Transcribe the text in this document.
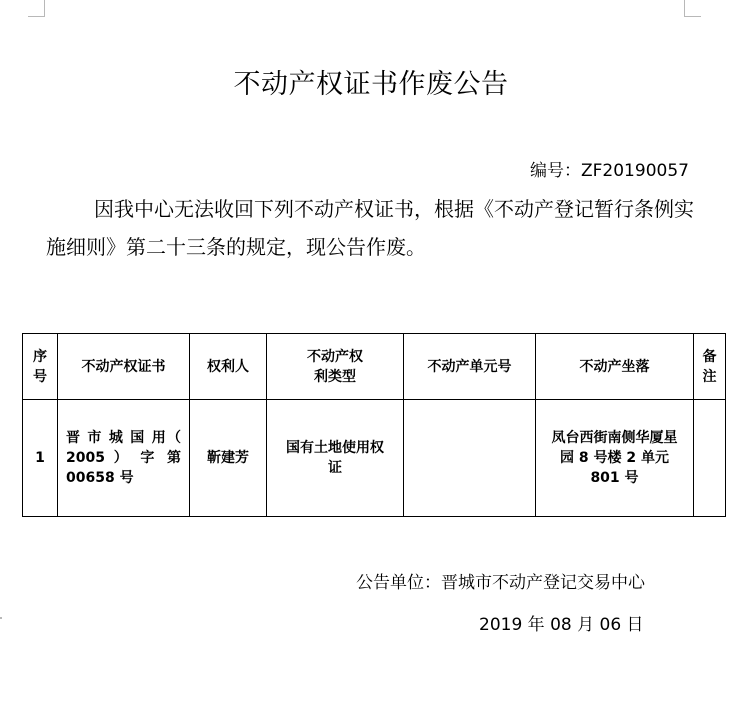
不动产权证书作废公告
编号：ZF20190057
因我中心无法收回下列不动产权证书，根据《不动产登记暂行条例实施细则》第二十三条的规定，现公告作废。
序号	不动产权证书	权利人	不动产权利类型	不动产单元号	不动产坐落	备注
1	晋 市 城 国 用（ 2005 ） 字 第 00658 号	靳建芳	国有土地使用权证		凤台西街南侧华厦星园 8 号楼 2 单元 801 号	
公告单位：晋城市不动产登记交易中心
2019 年 08 月 06 日
